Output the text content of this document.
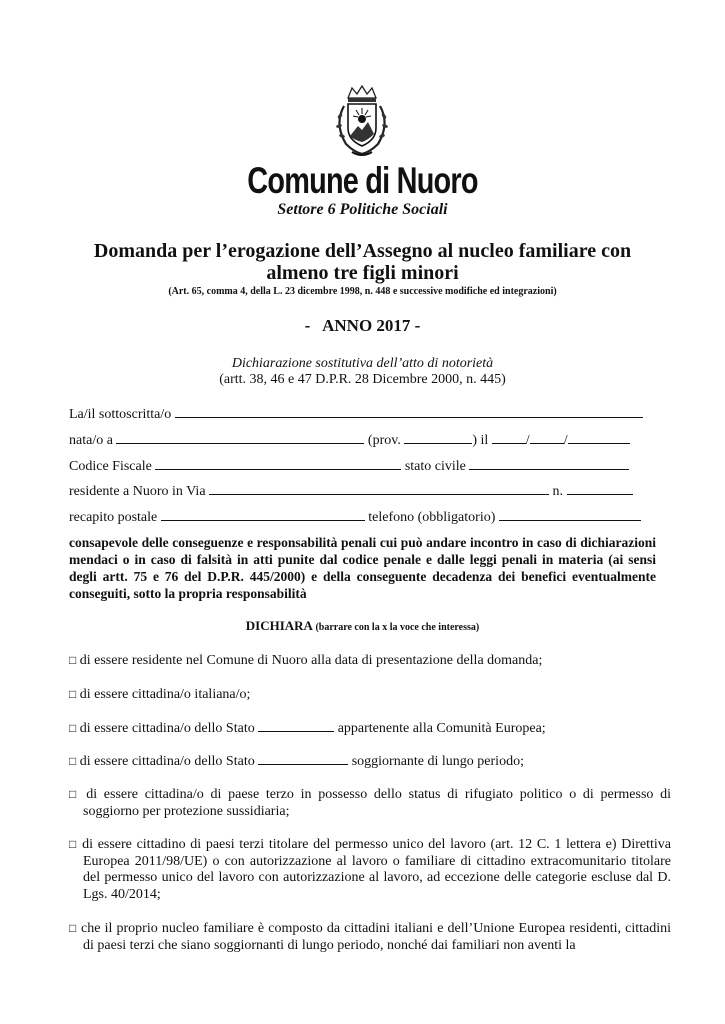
Comune di Nuoro
Settore 6 Politiche Sociali
Domanda per l’erogazione dell’Assegno al nucleo familiare con
almeno tre figli minori
(Art. 65, comma 4, della L. 23 dicembre 1998, n. 448 e successive modifiche ed integrazioni)
-   ANNO 2017 -
Dichiarazione sostitutiva dell’atto di notorietà
(artt. 38, 46 e 47 D.P.R. 28 Dicembre 2000, n. 445)
La/il sottoscritta/o
nata/o a	(prov.	) il	/ /
Codice Fiscale	stato civile
residente a Nuoro in Via	n.
recapito postale	telefono (obbligatorio)
consapevole delle conseguenze e responsabilità penali cui può andare incontro in caso di dichiarazioni mendaci o in caso di falsità in atti punite dal codice penale e dalle leggi penali in materia (ai sensi degli artt. 75 e 76 del D.P.R. 445/2000) e della conseguente decadenza dei benefici eventualmente conseguiti, sotto la propria responsabilità
DICHIARA (barrare con la x la voce che interessa)
□ di essere residente nel Comune di Nuoro alla data di presentazione della domanda;
□ di essere cittadina/o italiana/o;
□ di essere cittadina/o dello Stato	appartenente alla Comunità Europea;
□ di essere cittadina/o dello Stato	soggiornante di lungo periodo;
□ di essere cittadina/o di paese terzo in possesso dello status di rifugiato politico o di permesso di soggiorno per protezione sussidiaria;
□ di essere cittadino di paesi terzi titolare del permesso unico del lavoro (art. 12 C. 1 lettera e) Direttiva Europea 2011/98/UE) o con autorizzazione al lavoro o familiare di cittadino extracomunitario titolare del permesso unico del lavoro con autorizzazione al lavoro, ad eccezione delle categorie escluse dal D. Lgs. 40/2014;
□ che il proprio nucleo familiare è composto da cittadini italiani e dell’Unione Europea residenti, cittadini di paesi terzi che siano soggiornanti di lungo periodo, nonché dai familiari non aventi la
